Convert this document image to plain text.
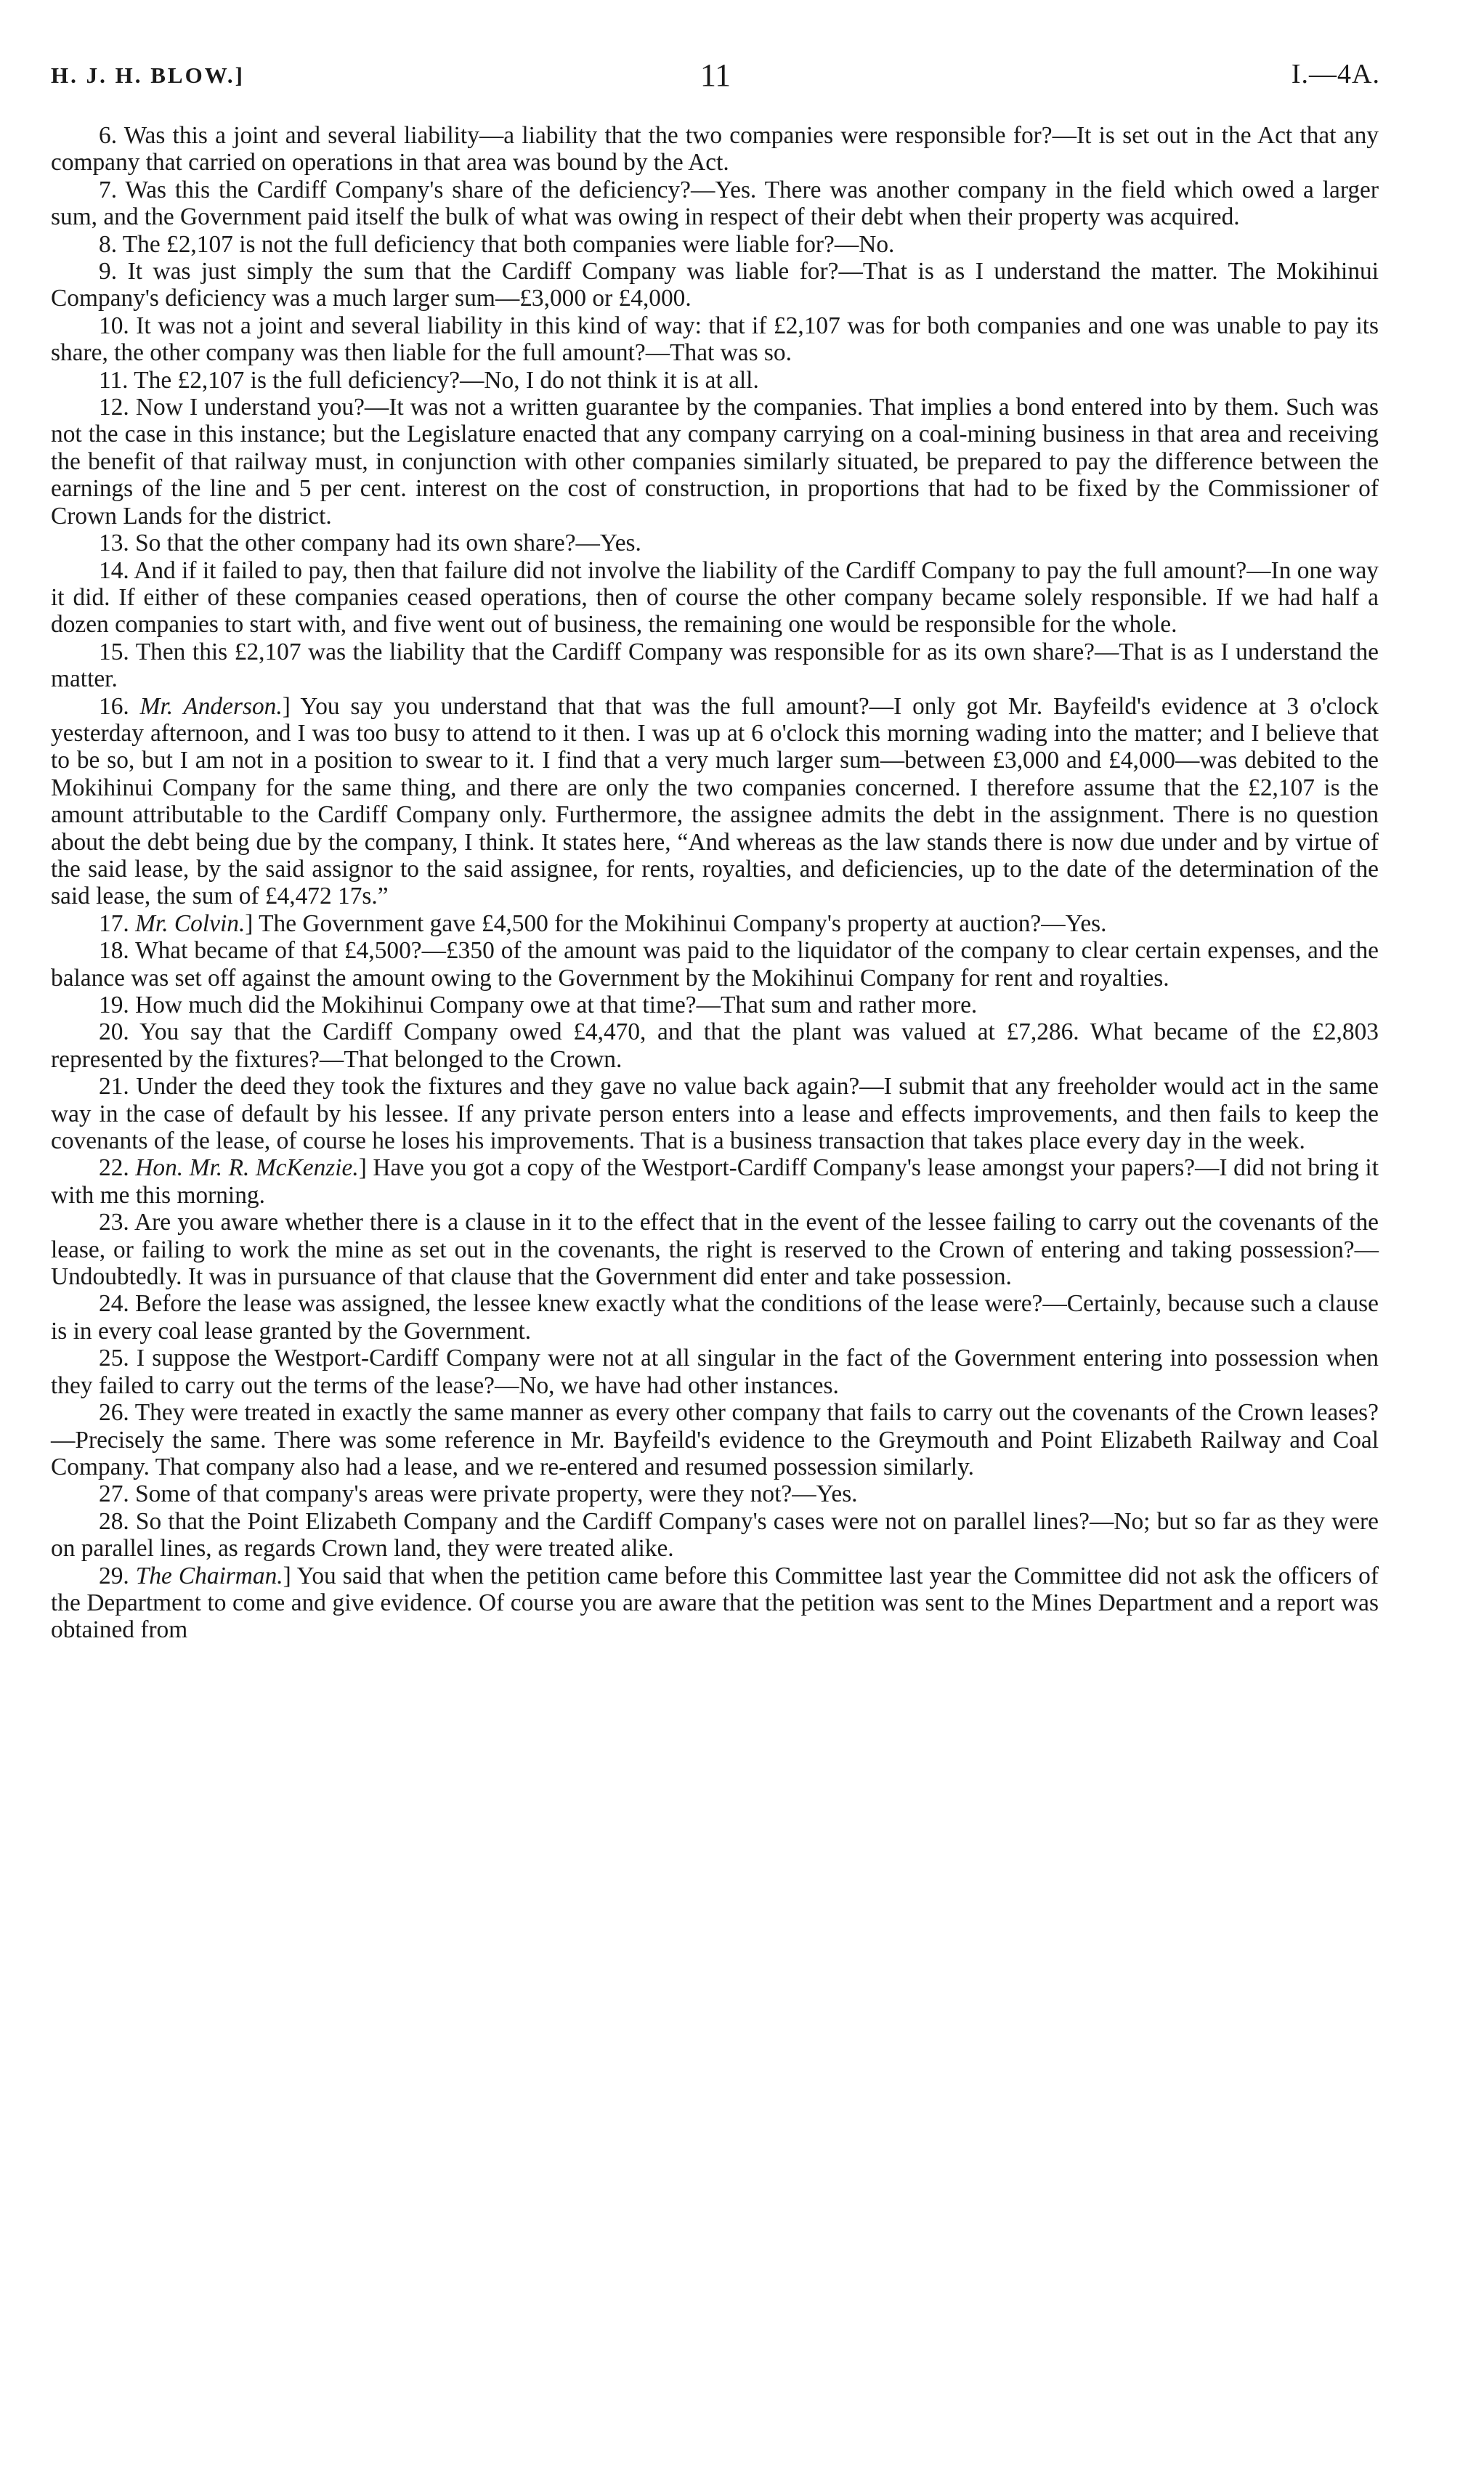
H. J. H. BLOW.]	11	I.—4A.

6. Was this a joint and several liability—a liability that the two companies were responsible for?—It is set out in the Act that any company that carried on operations in that area was bound by the Act.

7. Was this the Cardiff Company's share of the deficiency?—Yes. There was another company in the field which owed a larger sum, and the Government paid itself the bulk of what was owing in respect of their debt when their property was acquired.

8. The £2,107 is not the full deficiency that both companies were liable for?—No.

9. It was just simply the sum that the Cardiff Company was liable for?—That is as I understand the matter. The Mokihinui Company's deficiency was a much larger sum—£3,000 or £4,000.

10. It was not a joint and several liability in this kind of way: that if £2,107 was for both companies and one was unable to pay its share, the other company was then liable for the full amount?—That was so.

11. The £2,107 is the full deficiency?—No, I do not think it is at all.

12. Now I understand you?—It was not a written guarantee by the companies. That implies a bond entered into by them. Such was not the case in this instance; but the Legislature enacted that any company carrying on a coal-mining business in that area and receiving the benefit of that railway must, in conjunction with other companies similarly situated, be prepared to pay the difference between the earnings of the line and 5 per cent. interest on the cost of construction, in proportions that had to be fixed by the Commissioner of Crown Lands for the district.

13. So that the other company had its own share?—Yes.

14. And if it failed to pay, then that failure did not involve the liability of the Cardiff Company to pay the full amount?—In one way it did. If either of these companies ceased operations, then of course the other company became solely responsible. If we had half a dozen companies to start with, and five went out of business, the remaining one would be responsible for the whole.

15. Then this £2,107 was the liability that the Cardiff Company was responsible for as its own share?—That is as I understand the matter.

16. Mr. Anderson.] You say you understand that that was the full amount?—I only got Mr. Bayfeild's evidence at 3 o'clock yesterday afternoon, and I was too busy to attend to it then. I was up at 6 o'clock this morning wading into the matter; and I believe that to be so, but I am not in a position to swear to it. I find that a very much larger sum—between £3,000 and £4,000—was debited to the Mokihinui Company for the same thing, and there are only the two companies concerned. I therefore assume that the £2,107 is the amount attributable to the Cardiff Company only. Furthermore, the assignee admits the debt in the assignment. There is no question about the debt being due by the company, I think. It states here, “And whereas as the law stands there is now due under and by virtue of the said lease, by the said assignor to the said assignee, for rents, royalties, and deficiencies, up to the date of the determination of the said lease, the sum of £4,472 17s.”

17. Mr. Colvin.] The Government gave £4,500 for the Mokihinui Company's property at auction?—Yes.

18. What became of that £4,500?—£350 of the amount was paid to the liquidator of the company to clear certain expenses, and the balance was set off against the amount owing to the Government by the Mokihinui Company for rent and royalties.

19. How much did the Mokihinui Company owe at that time?—That sum and rather more.

20. You say that the Cardiff Company owed £4,470, and that the plant was valued at £7,286. What became of the £2,803 represented by the fixtures?—That belonged to the Crown.

21. Under the deed they took the fixtures and they gave no value back again?—I submit that any freeholder would act in the same way in the case of default by his lessee. If any private person enters into a lease and effects improvements, and then fails to keep the covenants of the lease, of course he loses his improvements. That is a business transaction that takes place every day in the week.

22. Hon. Mr. R. McKenzie.] Have you got a copy of the Westport-Cardiff Company's lease amongst your papers?—I did not bring it with me this morning.

23. Are you aware whether there is a clause in it to the effect that in the event of the lessee failing to carry out the covenants of the lease, or failing to work the mine as set out in the covenants, the right is reserved to the Crown of entering and taking possession?—Undoubtedly. It was in pursuance of that clause that the Government did enter and take possession.

24. Before the lease was assigned, the lessee knew exactly what the conditions of the lease were?—Certainly, because such a clause is in every coal lease granted by the Government.

25. I suppose the Westport-Cardiff Company were not at all singular in the fact of the Government entering into possession when they failed to carry out the terms of the lease?—No, we have had other instances.

26. They were treated in exactly the same manner as every other company that fails to carry out the covenants of the Crown leases?—Precisely the same. There was some reference in Mr. Bayfeild's evidence to the Greymouth and Point Elizabeth Railway and Coal Company. That company also had a lease, and we re-entered and resumed possession similarly.

27. Some of that company's areas were private property, were they not?—Yes.

28. So that the Point Elizabeth Company and the Cardiff Company's cases were not on parallel lines?—No; but so far as they were on parallel lines, as regards Crown land, they were treated alike.

29. The Chairman.] You said that when the petition came before this Committee last year the Committee did not ask the officers of the Department to come and give evidence. Of course you are aware that the petition was sent to the Mines Department and a report was obtained from
